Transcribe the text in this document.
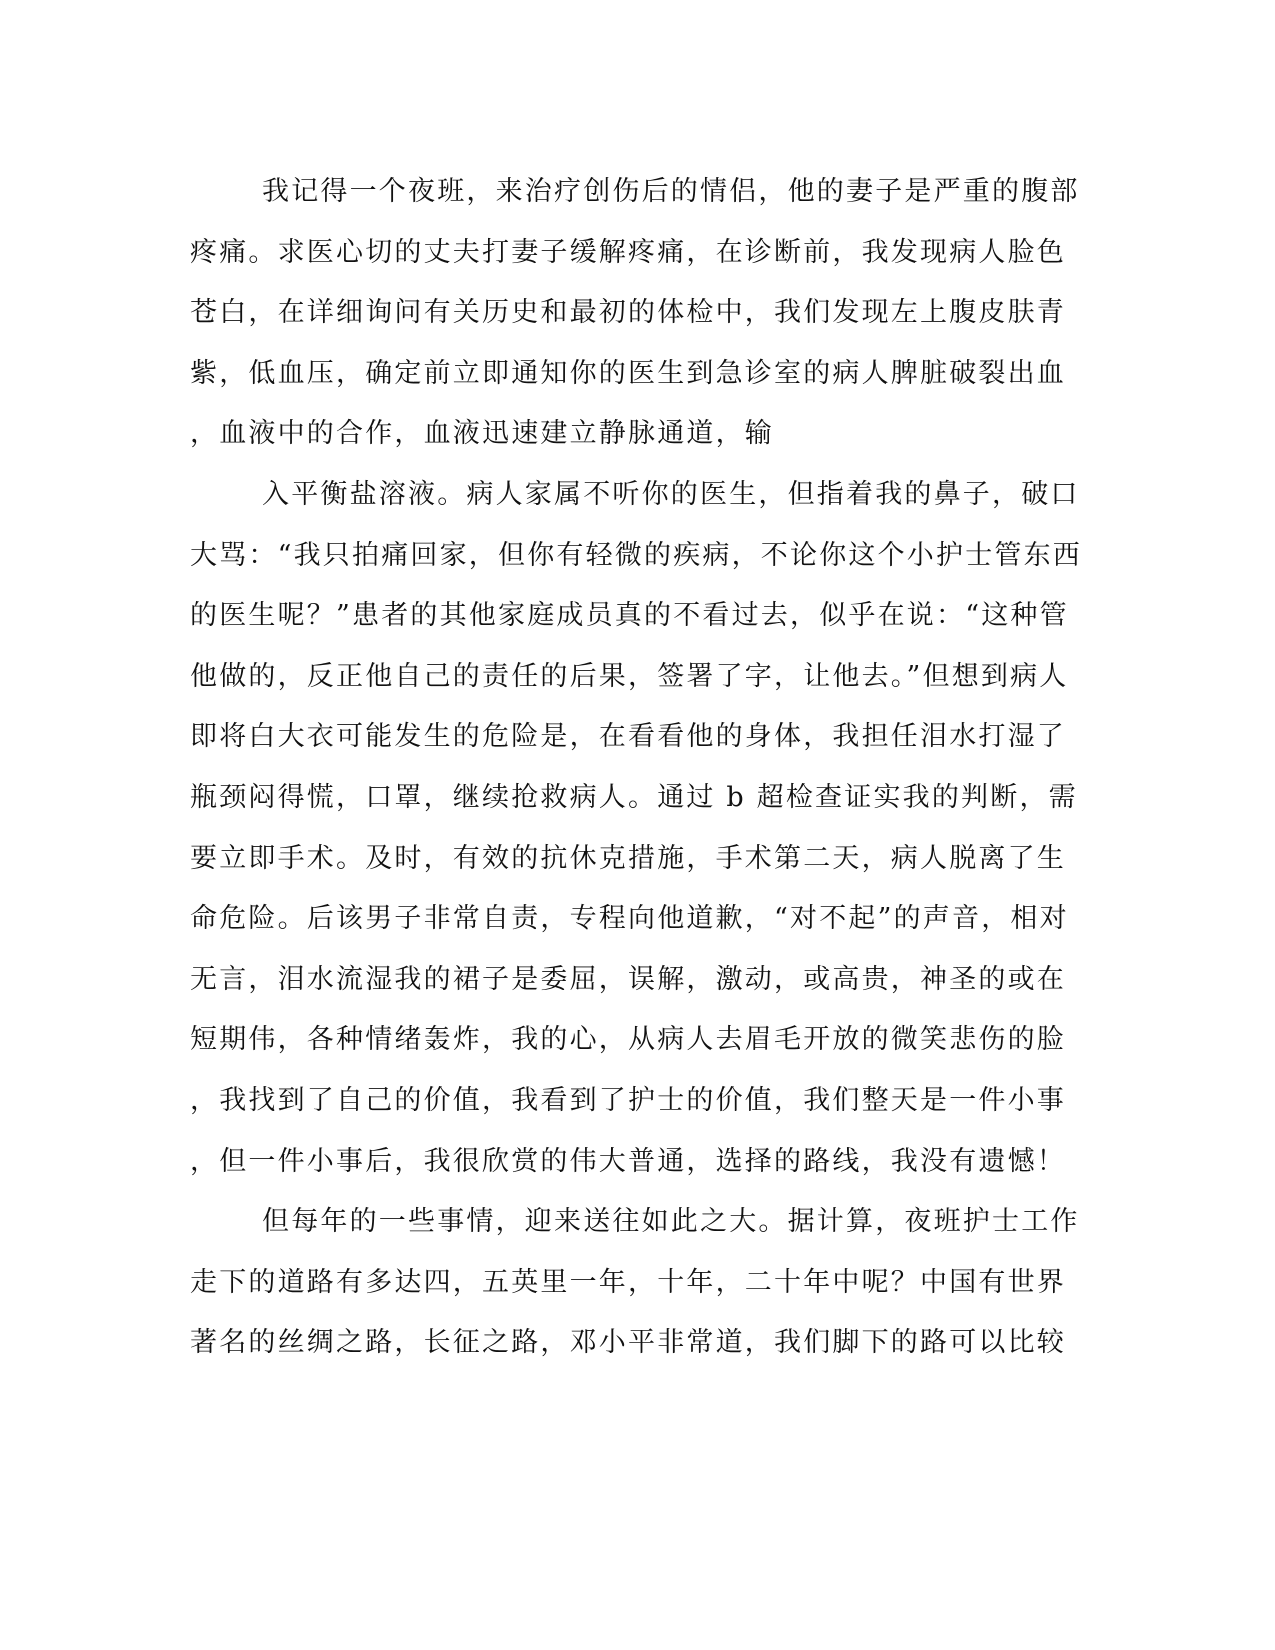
我记得一个夜班，来治疗创伤后的情侣，他的妻子是严重的腹部
疼痛。求医心切的丈夫打妻子缓解疼痛，在诊断前，我发现病人脸色
苍白，在详细询问有关历史和最初的体检中，我们发现左上腹皮肤青
紫，低血压，确定前立即通知你的医生到急诊室的病人脾脏破裂出血
，血液中的合作，血液迅速建立静脉通道，输
入平衡盐溶液。病人家属不听你的医生，但指着我的鼻子，破口
大骂：“我只拍痛回家，但你有轻微的疾病，不论你这个小护士管东西
的医生呢？”患者的其他家庭成员真的不看过去，似乎在说：“这种管
他做的，反正他自己的责任的后果，签署了字，让他去。”但想到病人
即将白大衣可能发生的危险是，在看看他的身体，我担任泪水打湿了
瓶颈闷得慌，口罩，继续抢救病人。通过 b 超检查证实我的判断，需
要立即手术。及时，有效的抗休克措施，手术第二天，病人脱离了生
命危险。后该男子非常自责，专程向他道歉，“对不起”的声音，相对
无言，泪水流湿我的裙子是委屈，误解，激动，或高贵，神圣的或在
短期伟，各种情绪轰炸，我的心，从病人去眉毛开放的微笑悲伤的脸
，我找到了自己的价值，我看到了护士的价值，我们整天是一件小事
，但一件小事后，我很欣赏的伟大普通，选择的路线，我没有遗憾！
但每年的一些事情，迎来送往如此之大。据计算，夜班护士工作
走下的道路有多达四，五英里一年，十年，二十年中呢？中国有世界
著名的丝绸之路，长征之路，邓小平非常道，我们脚下的路可以比较
